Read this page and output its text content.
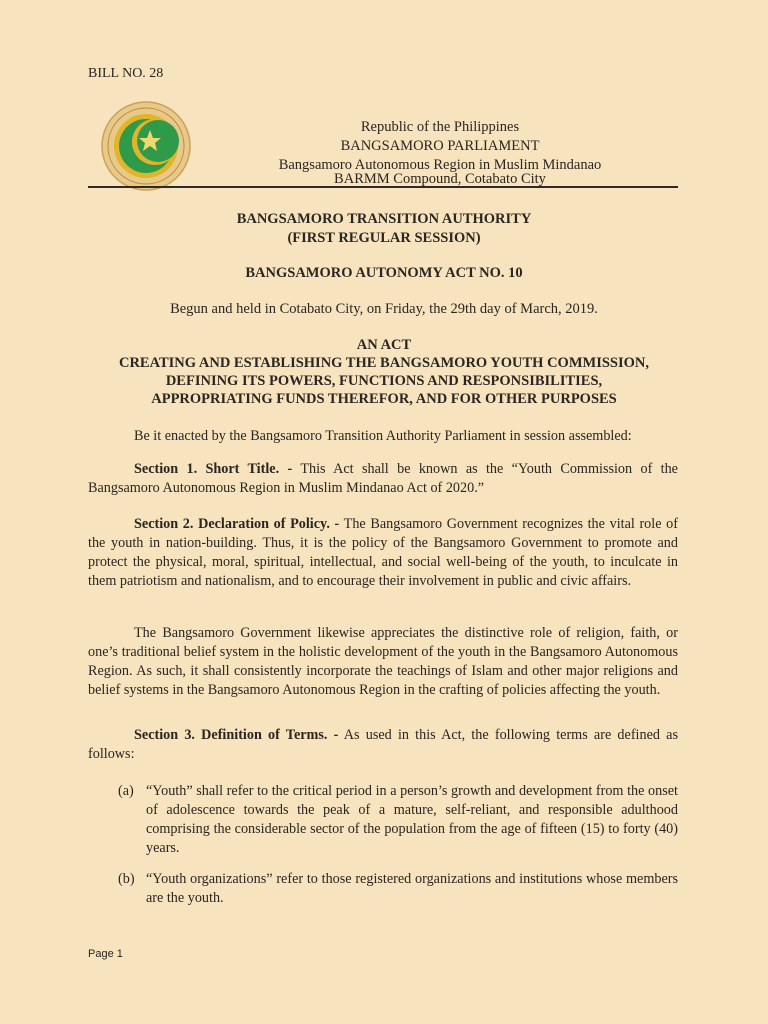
BILL NO. 28
Republic of the Philippines
BANGSAMORO PARLIAMENT
Bangsamoro Autonomous Region in Muslim Mindanao
BARMM Compound, Cotabato City
BANGSAMORO TRANSITION AUTHORITY
(FIRST REGULAR SESSION)
BANGSAMORO AUTONOMY ACT NO. 10
Begun and held in Cotabato City, on Friday, the 29th day of March, 2019.
AN ACT
CREATING AND ESTABLISHING THE BANGSAMORO YOUTH COMMISSION,
DEFINING ITS POWERS, FUNCTIONS AND RESPONSIBILITIES,
APPROPRIATING FUNDS THEREFOR, AND FOR OTHER PURPOSES
Be it enacted by the Bangsamoro Transition Authority Parliament in session assembled:
Section 1. Short Title. - This Act shall be known as the “Youth Commission of the Bangsamoro Autonomous Region in Muslim Mindanao Act of 2020.”
Section 2. Declaration of Policy. - The Bangsamoro Government recognizes the vital role of the youth in nation-building. Thus, it is the policy of the Bangsamoro Government to promote and protect the physical, moral, spiritual, intellectual, and social well-being of the youth, to inculcate in them patriotism and nationalism, and to encourage their involvement in public and civic affairs.
The Bangsamoro Government likewise appreciates the distinctive role of religion, faith, or one’s traditional belief system in the holistic development of the youth in the Bangsamoro Autonomous Region. As such, it shall consistently incorporate the teachings of Islam and other major religions and belief systems in the Bangsamoro Autonomous Region in the crafting of policies affecting the youth.
Section 3. Definition of Terms. - As used in this Act, the following terms are defined as follows:
(a) “Youth” shall refer to the critical period in a person’s growth and development from the onset of adolescence towards the peak of a mature, self-reliant, and responsible adulthood comprising the considerable sector of the population from the age of fifteen (15) to forty (40) years.
(b) “Youth organizations” refer to those registered organizations and institutions whose members are the youth.
Page 1
